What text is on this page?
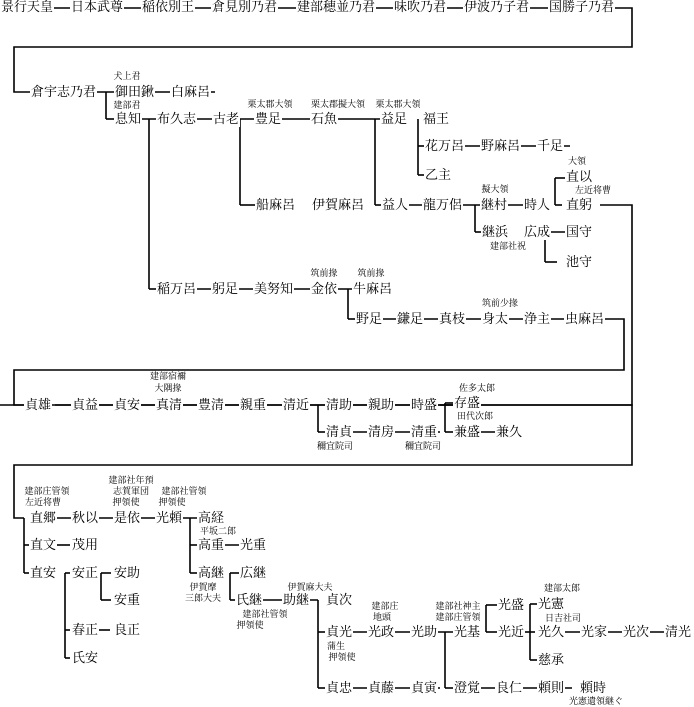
景行天皇 日本武尊 稲依別王 倉見別乃君 建部穂並乃君 味吹乃君 伊波乃子君 国勝子乃君
倉宇志乃君
犬上君
御田鍬 白麻呂
建部君
息知 布久志 古老
栗太郡大領
豊足
栗太郡擬大領
石魚
栗太郡大領
益足 福王
花万呂 野麻呂 千足
乙主
船麻呂 伊賀麻呂 益人 龍万侶
擬大領
継村 時人
大領
直以
左近将曹
直躬
継浜 広成
建部社祝
国守
池守
稲万呂 躬足 美努知
筑前掾
金依
筑前掾
牛麻呂
野足 鎌足 真枝
筑前少掾
身太 浄主 虫麻呂
貞雄 貞益 貞安
建部宿禰
大隅掾
真清 豊清 親重 清近 清助 親助 時盛
佐多太郎
存盛
田代次郎
兼盛 兼久
清貞
穪宜院司
清房 清重
穪宜院司
建部庄管領
左近将曹
直郷 秋以
建部社年預
志賀軍団
押領使
是依
建部社管領
押領使
光頼 高経
平坂二郎
高重 光重
高継 広継
伊賀摩
三郎大夫 氏継
建部社管領
押領使
伊賀麻大夫
助継
直文 茂用
直安 安正 安助
安重
春正 良正
氏安
貞次
貞光
蒲生
押領使
建部庄
地頭
光政 光助
建部社神主
建部庄管領
光基
光盛
光近
建部太郎
光憲
日吉社司
光久 光家 光次 清光
慈承
貞忠 貞藤 貞寅 澄覚 良仁 頼則 頼時
光憲遺領継ぐ
